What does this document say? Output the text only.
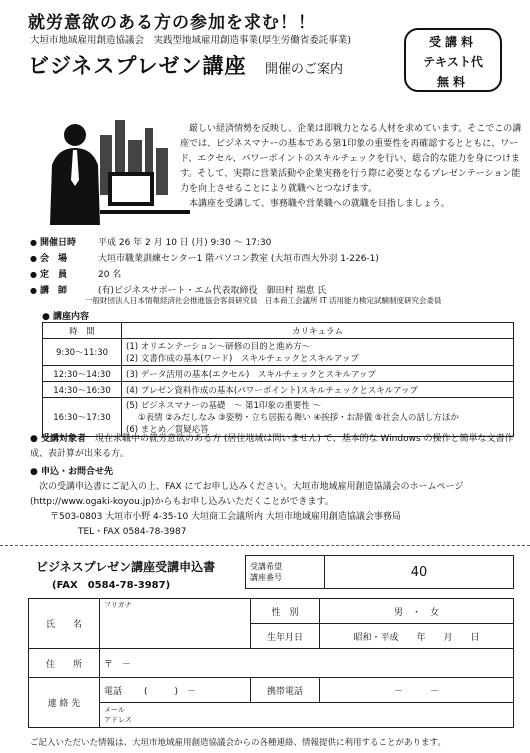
就労意欲のある方の参加を求む！！
大垣市地域雇用創造協議会　実践型地域雇用創造事業(厚生労働省委託事業)
ビジネスプレゼン講座 開催のご案内
受講料
テキスト代
無料

厳しい経済情勢を反映し、企業は即戦力となる人材を求めています。そこでこの講座では、ビジネスマナーの基本である第1印象の重要性を再確認するとともに、ワード、エクセル、パワーポイントのスキルチェックを行い、総合的な能力を身につけます。そして、実際に営業活動や企業実務を行う際に必要となるプレゼンテーション能力を向上させることにより就職へとつなげます。

本講座を受講して、事務職や営業職への就職を目指しましょう。

● 開催日時	平成 26 年 2 月 10 日 (月) 9:30 ～ 17:30
● 会　場	大垣市職業訓練センター1 階パソコン教室 (大垣市西大外羽 1-226-1)
● 定　員	20 名
● 講　師	(有)ビジネスサポート・エム代表取締役　御田村 瑞恵 氏
一般財団法人日本情報経済社会推進協会客員研究員　日本商工会議所 IT 活用能力検定試験制度研究会委員
● 講座内容
時　間	カリキュラム
9:30～11:30	(1) オリエンテーション～研修の目的と進め方～
(2) 文書作成の基本(ワード)　スキルチェックとスキルアップ

12:30～14:30	(3) データ活用の基本(エクセル)　スキルチェックとスキルアップ
14:30～16:30	(4) プレゼン資料作成の基本(パワーポイント)スキルチェックとスキルアップ
16:30～17:30	(5) ビジネスマナーの基礎　～ 第1印象の重要性 ～
①表情 ②みだしなみ ③姿勢・立ち居振る舞い ④挨拶・お辞儀 ⑤社会人の話し方ほか
(6) まとめ／質疑応答
● 受講対象者　 現在求職中の就労意欲のある方 (居住地域は問いません) で、基本的な Windows の操作と簡単な文書作成、表計算が出来る方。

● 申込・お問合せ先

次の受講申込書にご記入の上、FAX にてお申し込みください。大垣市地域雇用創造協議会のホームページ(http://www.ogaki-koyou.jp)からもお申し込みいただくことができます。

〒503-0803 大垣市小野 4-35-10 大垣商工会議所内 大垣市地域雇用創造協議会事務局

TEL・FAX 0584-78-3987

ビジネスプレゼン講座受講申込書
(FAX　0584-78-3987)
受講希望
講座番号	40
氏　　名	フリガナ	性　別	男　・　女
		生年月日	昭和・平成　　年　　月　　日
住　　所	〒　－		
連 絡 先	電話 (　　　)　－	携帯電話	－　　　－
	メール
アドレス		
ご記入いただいた情報は、大垣市地域雇用創造協議会からの各種連絡、情報提供に利用することがあります。
